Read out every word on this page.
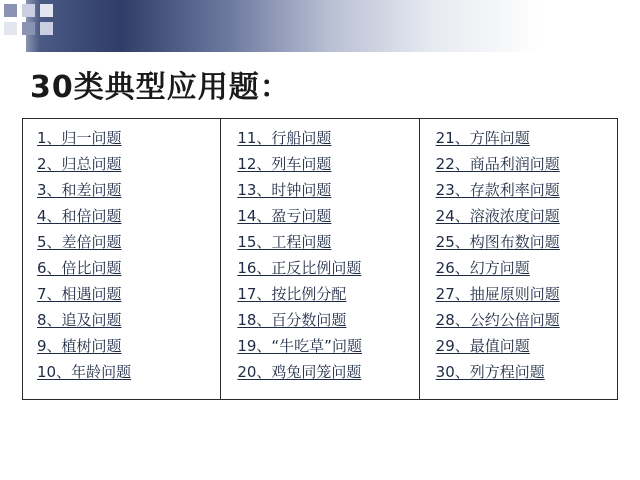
30类典型应用题：
1、归一问题
2、归总问题
3、和差问题
4、和倍问题
5、差倍问题
6、倍比问题
7、相遇问题
8、追及问题
9、植树问题
10、年龄问题
11、行船问题
12、列车问题
13、时钟问题
14、盈亏问题
15、工程问题
16、正反比例问题
17、按比例分配
18、百分数问题
19、“牛吃草”问题
20、鸡兔同笼问题
21、方阵问题
22、商品利润问题
23、存款利率问题
24、溶液浓度问题
25、构图布数问题
26、幻方问题
27、抽屉原则问题
28、公约公倍问题
29、最值问题
30、列方程问题
